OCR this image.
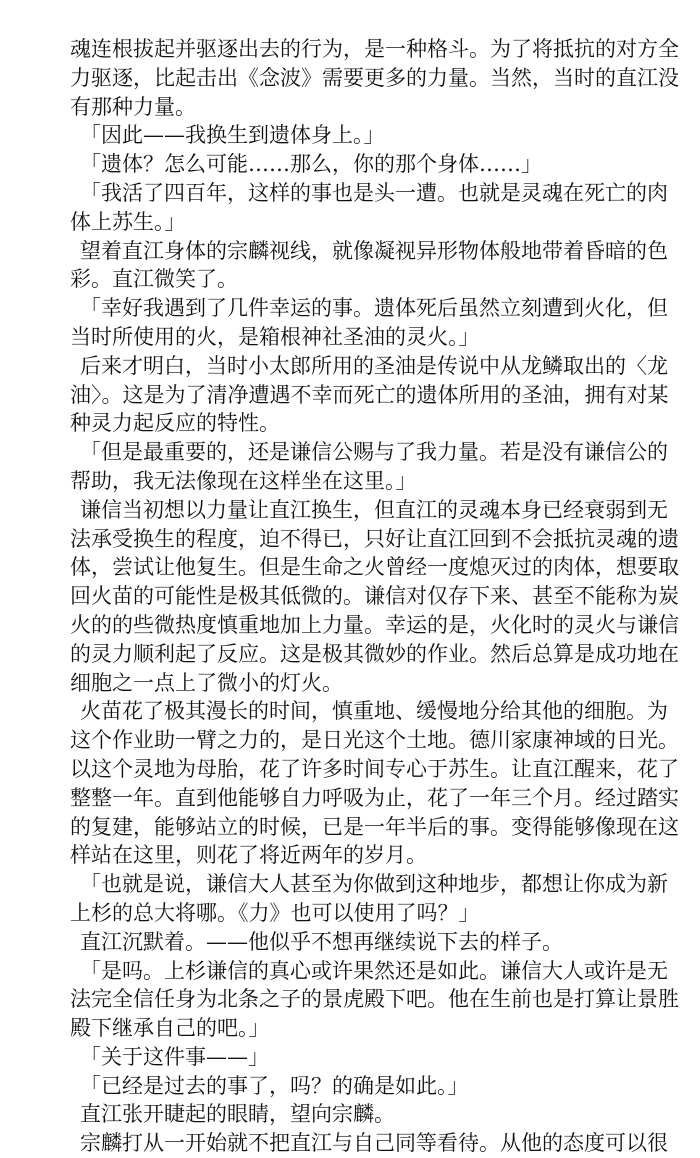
魂连根拔起并驱逐出去的行为，是一种格斗。为了将抵抗的对方全
力驱逐，比起击出《念波》需要更多的力量。当然，当时的直江没
有那种力量。
「因此——我换生到遗体身上。」
「遗体？怎么可能……那么，你的那个身体……」
「我活了四百年，这样的事也是头一遭。也就是灵魂在死亡的肉
体上苏生。」
望着直江身体的宗麟视线，就像凝视异形物体般地带着昏暗的色
彩。直江微笑了。
「幸好我遇到了几件幸运的事。遗体死后虽然立刻遭到火化，但
当时所使用的火，是箱根神社圣油的灵火。」
后来才明白，当时小太郎所用的圣油是传说中从龙鳞取出的〈龙
油〉。这是为了清净遭遇不幸而死亡的遗体所用的圣油，拥有对某
种灵力起反应的特性。
「但是最重要的，还是谦信公赐与了我力量。若是没有谦信公的
帮助，我无法像现在这样坐在这里。」
谦信当初想以力量让直江换生，但直江的灵魂本身已经衰弱到无
法承受换生的程度，迫不得已，只好让直江回到不会抵抗灵魂的遗
体，尝试让他复生。但是生命之火曾经一度熄灭过的肉体，想要取
回火苗的可能性是极其低微的。谦信对仅存下来、甚至不能称为炭
火的的些微热度慎重地加上力量。幸运的是，火化时的灵火与谦信
的灵力顺利起了反应。这是极其微妙的作业。然后总算是成功地在
细胞之一点上了微小的灯火。
火苗花了极其漫长的时间，慎重地、缓慢地分给其他的细胞。为
这个作业助一臂之力的，是日光这个土地。德川家康神域的日光。
以这个灵地为母胎，花了许多时间专心于苏生。让直江醒来，花了
整整一年。直到他能够自力呼吸为止，花了一年三个月。经过踏实
的复建，能够站立的时候，已是一年半后的事。变得能够像现在这
样站在这里，则花了将近两年的岁月。
「也就是说，谦信大人甚至为你做到这种地步，都想让你成为新
上杉的总大将哪。《力》也可以使用了吗？」
直江沉默着。——他似乎不想再继续说下去的样子。
「是吗。上杉谦信的真心或许果然还是如此。谦信大人或许是无
法完全信任身为北条之子的景虎殿下吧。他在生前也是打算让景胜
殿下继承自己的吧。」
「关于这件事——」
「已经是过去的事了，吗？的确是如此。」
直江张开睫起的眼睛，望向宗麟。
宗麟打从一开始就不把直江与自己同等看待。从他的态度可以很
